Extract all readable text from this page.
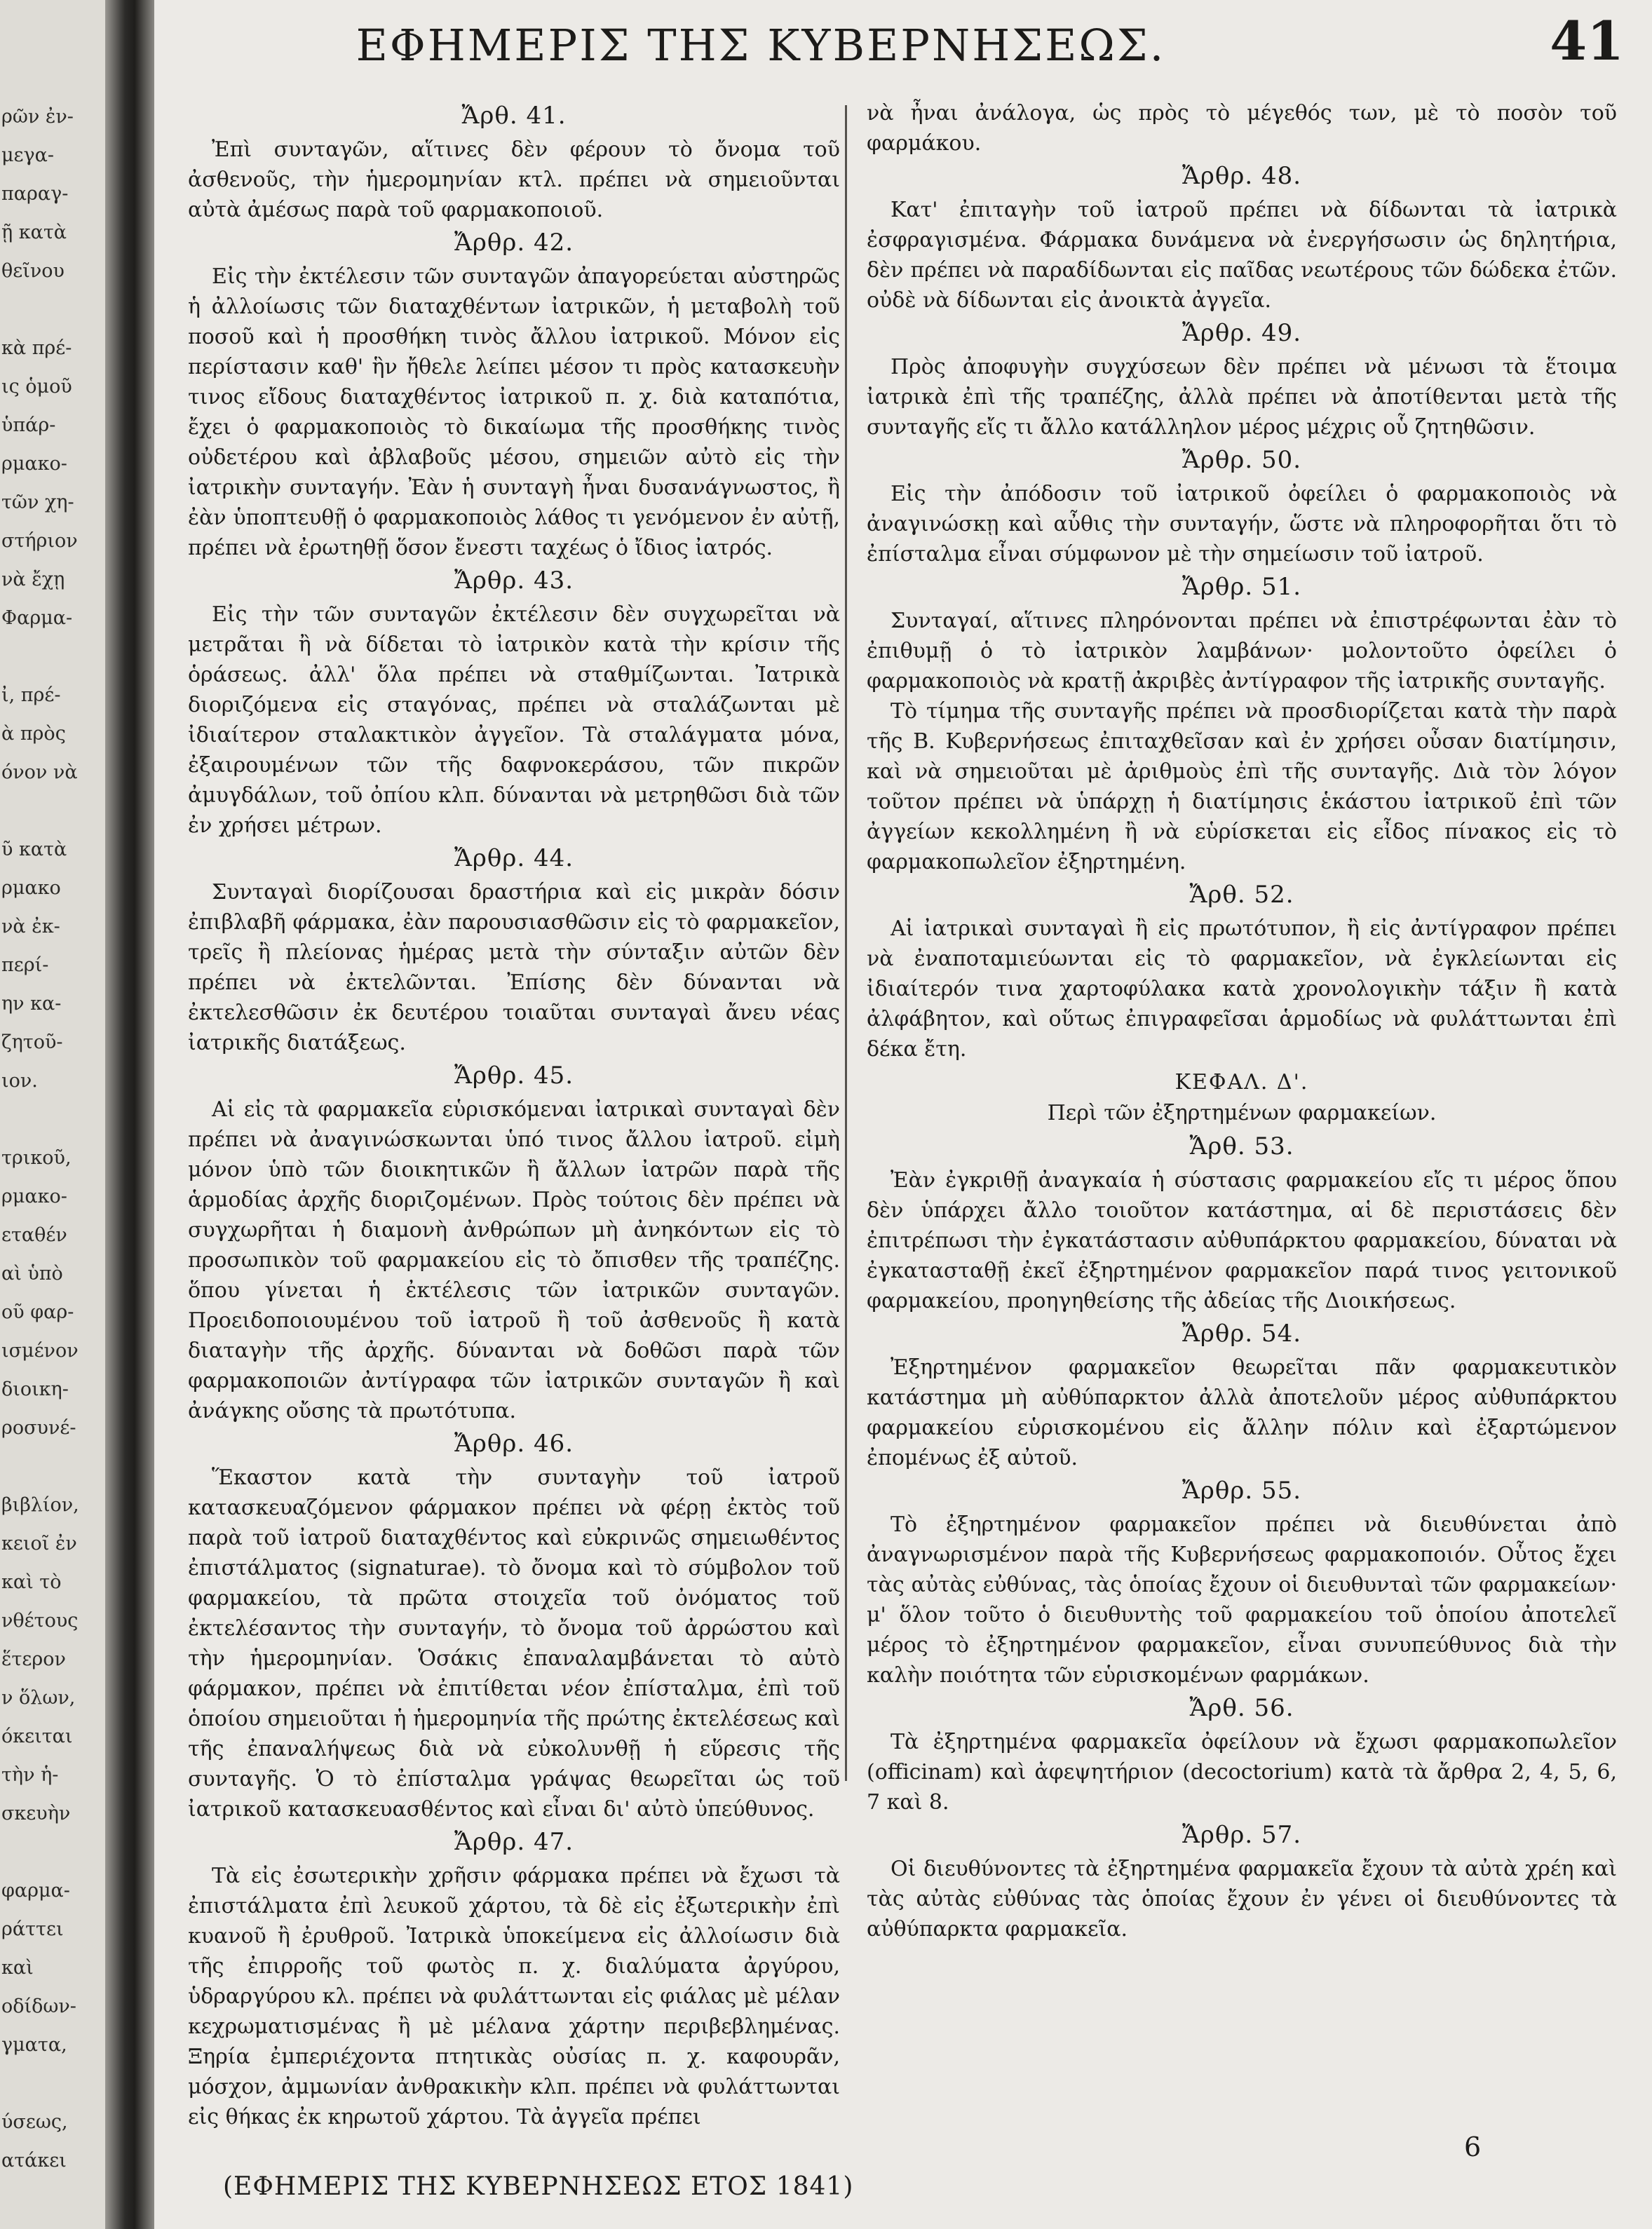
ρῶν ἐν-
μεγα-
παραγ-
ῇ κατὰ
θεῖνου
κὰ πρέ-
ις ὁμοῦ
ὑπάρ-
ρμακο-
τῶν χη-
στήριον
νὰ ἔχῃ
Φαρμα-
ἰ, πρέ-
ὰ πρὸς
όνον νὰ
ῦ κατὰ
ρμακο
νὰ ἐκ-
περί-
ην κα-
ζητοῦ-
ιον.
τρικοῦ,
ρμακο-
εταθέν
αὶ ὑπὸ
οῦ φαρ-
ισμένον
διοικη-
ροσυνέ-
βιβλίον,
κειοῖ ἐν
καὶ τὸ
νθέτους
ἕτερον
ν ὅλων,
όκειται
τὴν ἡ-
σκευὴν
φαρμα-
ράττει
καὶ
οδίδων-
γματα,
ύσεως,
ατάκει
ΕΦΗΜΕΡΙΣ ΤΗΣ ΚΥΒΕΡΝΗΣΕΩΣ.	41
Ἄρθ. 41.

Ἐπὶ συνταγῶν, αἵτινες δὲν φέρουν τὸ ὄνομα τοῦ ἀσθενοῦς, τὴν ἡμερομηνίαν κτλ. πρέπει νὰ σημειοῦνται αὐτὰ ἀμέσως παρὰ τοῦ φαρμακοποιοῦ.

Ἄρθρ. 42.

Εἰς τὴν ἐκτέλεσιν τῶν συνταγῶν ἀπαγορεύεται αὐστηρῶς ἡ ἀλλοίωσις τῶν διαταχθέντων ἰατρικῶν, ἡ μεταβολὴ τοῦ ποσοῦ καὶ ἡ προσθήκη τινὸς ἄλλου ἰατρικοῦ. Μόνον εἰς περίστασιν καθ' ἣν ἤθελε λείπει μέσον τι πρὸς κατασκευὴν τινος εἴδους διαταχθέντος ἰατρικοῦ π. χ. διὰ καταπότια, ἔχει ὁ φαρμακοποιὸς τὸ δικαίωμα τῆς προσθήκης τινὸς οὐδετέρου καὶ ἀβλαβοῦς μέσου, σημειῶν αὐτὸ εἰς τὴν ἰατρικὴν συνταγήν. Ἐὰν ἡ συνταγὴ ἦναι δυσανάγνωστος, ἢ ἐὰν ὑποπτευθῇ ὁ φαρμακοποιὸς λάθος τι γενόμενον ἐν αὐτῇ, πρέπει νὰ ἐρωτηθῇ ὅσον ἔνεστι ταχέως ὁ ἴδιος ἰατρός.

Ἄρθρ. 43.

Εἰς τὴν τῶν συνταγῶν ἐκτέλεσιν δὲν συγχωρεῖται νὰ μετρᾶται ἢ νὰ δίδεται τὸ ἰατρικὸν κατὰ τὴν κρίσιν τῆς ὁράσεως. ἀλλ' ὅλα πρέπει νὰ σταθμίζωνται. Ἰατρικὰ διοριζόμενα εἰς σταγόνας, πρέπει νὰ σταλάζωνται μὲ ἰδιαίτερον σταλακτικὸν ἀγγεῖον. Τὰ σταλάγματα μόνα, ἐξαιρουμένων τῶν τῆς δαφνοκεράσου, τῶν πικρῶν ἀμυγδάλων, τοῦ ὀπίου κλπ. δύνανται νὰ μετρηθῶσι διὰ τῶν ἐν χρήσει μέτρων.

Ἄρθρ. 44.

Συνταγαὶ διορίζουσαι δραστήρια καὶ εἰς μικρὰν δόσιν ἐπιβλαβῆ φάρμακα, ἐὰν παρουσιασθῶσιν εἰς τὸ φαρμακεῖον, τρεῖς ἢ πλείονας ἡμέρας μετὰ τὴν σύνταξιν αὐτῶν δὲν πρέπει νὰ ἐκτελῶνται. Ἐπίσης δὲν δύνανται νὰ ἐκτελεσθῶσιν ἐκ δευτέρου τοιαῦται συνταγαὶ ἄνευ νέας ἰατρικῆς διατάξεως.

Ἄρθρ. 45.

Αἱ εἰς τὰ φαρμακεῖα εὑρισκόμεναι ἰατρικαὶ συνταγαὶ δὲν πρέπει νὰ ἀναγινώσκωνται ὑπό τινος ἄλλου ἰατροῦ. εἰμὴ μόνον ὑπὸ τῶν διοικητικῶν ἢ ἄλλων ἰατρῶν παρὰ τῆς ἁρμοδίας ἀρχῆς διοριζομένων. Πρὸς τούτοις δὲν πρέπει νὰ συγχωρῆται ἡ διαμονὴ ἀνθρώπων μὴ ἀνηκόντων εἰς τὸ προσωπικὸν τοῦ φαρμακείου εἰς τὸ ὄπισθεν τῆς τραπέζης. ὅπου γίνεται ἡ ἐκτέλεσις τῶν ἰατρικῶν συνταγῶν. Προειδοποιουμένου τοῦ ἰατροῦ ἢ τοῦ ἀσθενοῦς ἢ κατὰ διαταγὴν τῆς ἀρχῆς. δύνανται νὰ δοθῶσι παρὰ τῶν φαρμακοποιῶν ἀντίγραφα τῶν ἰατρικῶν συνταγῶν ἢ καὶ ἀνάγκης οὔσης τὰ πρωτότυπα.

Ἄρθρ. 46.

Ἕκαστον κατὰ τὴν συνταγὴν τοῦ ἰατροῦ κατασκευαζόμενον φάρμακον πρέπει νὰ φέρῃ ἐκτὸς τοῦ παρὰ τοῦ ἰατροῦ διαταχθέντος καὶ εὐκρινῶς σημειωθέντος ἐπιστάλματος (signaturae). τὸ ὄνομα καὶ τὸ σύμβολον τοῦ φαρμακείου, τὰ πρῶτα στοιχεῖα τοῦ ὀνόματος τοῦ ἐκτελέσαντος τὴν συνταγήν, τὸ ὄνομα τοῦ ἀρρώστου καὶ τὴν ἡμερομηνίαν. Ὁσάκις ἐπαναλαμβάνεται τὸ αὐτὸ φάρμακον, πρέπει νὰ ἐπιτίθεται νέον ἐπίσταλμα, ἐπὶ τοῦ ὁποίου σημειοῦται ἡ ἡμερομηνία τῆς πρώτης ἐκτελέσεως καὶ τῆς ἐπαναλήψεως διὰ νὰ εὐκολυνθῇ ἡ εὕρεσις τῆς συνταγῆς. Ὁ τὸ ἐπίσταλμα γράψας θεωρεῖται ὡς τοῦ ἰατρικοῦ κατασκευασθέντος καὶ εἶναι δι' αὐτὸ ὑπεύθυνος.

Ἄρθρ. 47.

Τὰ εἰς ἐσωτερικὴν χρῆσιν φάρμακα πρέπει νὰ ἔχωσι τὰ ἐπιστάλματα ἐπὶ λευκοῦ χάρτου, τὰ δὲ εἰς ἐξωτερικὴν ἐπὶ κυανοῦ ἢ ἐρυθροῦ. Ἰατρικὰ ὑποκείμενα εἰς ἀλλοίωσιν διὰ τῆς ἐπιρροῆς τοῦ φωτὸς π. χ. διαλύματα ἀργύρου, ὑδραργύρου κλ. πρέπει νὰ φυλάττωνται εἰς φιάλας μὲ μέλαν κεχρωματισμένας ἢ μὲ μέλανα χάρτην περιβεβλημένας. Ξηρία ἐμπεριέχοντα πτητικὰς οὐσίας π. χ. καφουρᾶν, μόσχον, ἀμμωνίαν ἀνθρακικὴν κλπ. πρέπει νὰ φυλάττωνται εἰς θήκας ἐκ κηρωτοῦ χάρτου. Τὰ ἀγγεῖα πρέπει

νὰ ἦναι ἀνάλογα, ὡς πρὸς τὸ μέγεθός των, μὲ τὸ ποσὸν τοῦ φαρμάκου.

Ἄρθρ. 48.

Κατ' ἐπιταγὴν τοῦ ἰατροῦ πρέπει νὰ δίδωνται τὰ ἰατρικὰ ἐσφραγισμένα. Φάρμακα δυνάμενα νὰ ἐνεργήσωσιν ὡς δηλητήρια, δὲν πρέπει νὰ παραδίδωνται εἰς παῖδας νεωτέρους τῶν δώδεκα ἐτῶν. οὐδὲ νὰ δίδωνται εἰς ἀνοικτὰ ἀγγεῖα.

Ἄρθρ. 49.

Πρὸς ἀποφυγὴν συγχύσεων δὲν πρέπει νὰ μένωσι τὰ ἕτοιμα ἰατρικὰ ἐπὶ τῆς τραπέζης, ἀλλὰ πρέπει νὰ ἀποτίθενται μετὰ τῆς συνταγῆς εἴς τι ἄλλο κατάλληλον μέρος μέχρις οὗ ζητηθῶσιν.

Ἄρθρ. 50.

Εἰς τὴν ἀπόδοσιν τοῦ ἰατρικοῦ ὀφείλει ὁ φαρμακοποιὸς νὰ ἀναγινώσκῃ καὶ αὖθις τὴν συνταγήν, ὥστε νὰ πληροφορῆται ὅτι τὸ ἐπίσταλμα εἶναι σύμφωνον μὲ τὴν σημείωσιν τοῦ ἰατροῦ.

Ἄρθρ. 51.

Συνταγαί, αἵτινες πληρόνονται πρέπει νὰ ἐπιστρέφωνται ἐὰν τὸ ἐπιθυμῇ ὁ τὸ ἰατρικὸν λαμβάνων· μολοντοῦτο ὀφείλει ὁ φαρμακοποιὸς νὰ κρατῇ ἀκριβὲς ἀντίγραφον τῆς ἰατρικῆς συνταγῆς.

Τὸ τίμημα τῆς συνταγῆς πρέπει νὰ προσδιορίζεται κατὰ τὴν παρὰ τῆς Β. Κυβερνήσεως ἐπιταχθεῖσαν καὶ ἐν χρήσει οὖσαν διατίμησιν, καὶ νὰ σημειοῦται μὲ ἀριθμοὺς ἐπὶ τῆς συνταγῆς. Διὰ τὸν λόγον τοῦτον πρέπει νὰ ὑπάρχῃ ἡ διατίμησις ἑκάστου ἰατρικοῦ ἐπὶ τῶν ἀγγείων κεκολλημένη ἢ νὰ εὑρίσκεται εἰς εἶδος πίνακος εἰς τὸ φαρμακοπωλεῖον ἐξηρτημένη.

Ἄρθ. 52.

Αἱ ἰατρικαὶ συνταγαὶ ἢ εἰς πρωτότυπον, ἢ εἰς ἀντίγραφον πρέπει νὰ ἐναποταμιεύωνται εἰς τὸ φαρμακεῖον, νὰ ἐγκλείωνται εἰς ἰδιαίτερόν τινα χαρτοφύλακα κατὰ χρονολογικὴν τάξιν ἢ κατὰ ἀλφάβητον, καὶ οὕτως ἐπιγραφεῖσαι ἁρμοδίως νὰ φυλάττωνται ἐπὶ δέκα ἔτη.

ΚΕΦΑΛ. Δ'.
Περὶ τῶν ἐξηρτημένων φαρμακείων.
Ἄρθ. 53.

Ἐὰν ἐγκριθῇ ἀναγκαία ἡ σύστασις φαρμακείου εἴς τι μέρος ὅπου δὲν ὑπάρχει ἄλλο τοιοῦτον κατάστημα, αἱ δὲ περιστάσεις δὲν ἐπιτρέπωσι τὴν ἐγκατάστασιν αὐθυπάρκτου φαρμακείου, δύναται νὰ ἐγκατασταθῇ ἐκεῖ ἐξηρτημένον φαρμακεῖον παρά τινος γειτονικοῦ φαρμακείου, προηγηθείσης τῆς ἀδείας τῆς Διοικήσεως.

Ἄρθρ. 54.

Ἐξηρτημένον φαρμακεῖον θεωρεῖται πᾶν φαρμακευτικὸν κατάστημα μὴ αὐθύπαρκτον ἀλλὰ ἀποτελοῦν μέρος αὐθυπάρκτου φαρμακείου εὑρισκομένου εἰς ἄλλην πόλιν καὶ ἐξαρτώμενον ἐπομένως ἐξ αὐτοῦ.

Ἄρθρ. 55.

Τὸ ἐξηρτημένον φαρμακεῖον πρέπει νὰ διευθύνεται ἀπὸ ἀναγνωρισμένον παρὰ τῆς Κυβερνήσεως φαρμακοποιόν. Οὗτος ἔχει τὰς αὐτὰς εὐθύνας, τὰς ὁποίας ἔχουν οἱ διευθυνταὶ τῶν φαρμακείων· μ' ὅλον τοῦτο ὁ διευθυντὴς τοῦ φαρμακείου τοῦ ὁποίου ἀποτελεῖ μέρος τὸ ἐξηρτημένον φαρμακεῖον, εἶναι συνυπεύθυνος διὰ τὴν καλὴν ποιότητα τῶν εὑρισκομένων φαρμάκων.

Ἄρθ. 56.

Τὰ ἐξηρτημένα φαρμακεῖα ὀφείλουν νὰ ἔχωσι φαρμακοπωλεῖον (officinam) καὶ ἀφεψητήριον (decoctorium) κατὰ τὰ ἄρθρα 2, 4, 5, 6, 7 καὶ 8.

Ἄρθρ. 57.

Οἱ διευθύνοντες τὰ ἐξηρτημένα φαρμακεῖα ἔχουν τὰ αὐτὰ χρέη καὶ τὰς αὐτὰς εὐθύνας τὰς ὁποίας ἔχουν ἐν γένει οἱ διευθύνοντες τὰ αὐθύπαρκτα φαρμακεῖα.

(ΕΦΗΜΕΡΙΣ ΤΗΣ ΚΥΒΕΡΝΗΣΕΩΣ ΕΤΟΣ 1841)
6
